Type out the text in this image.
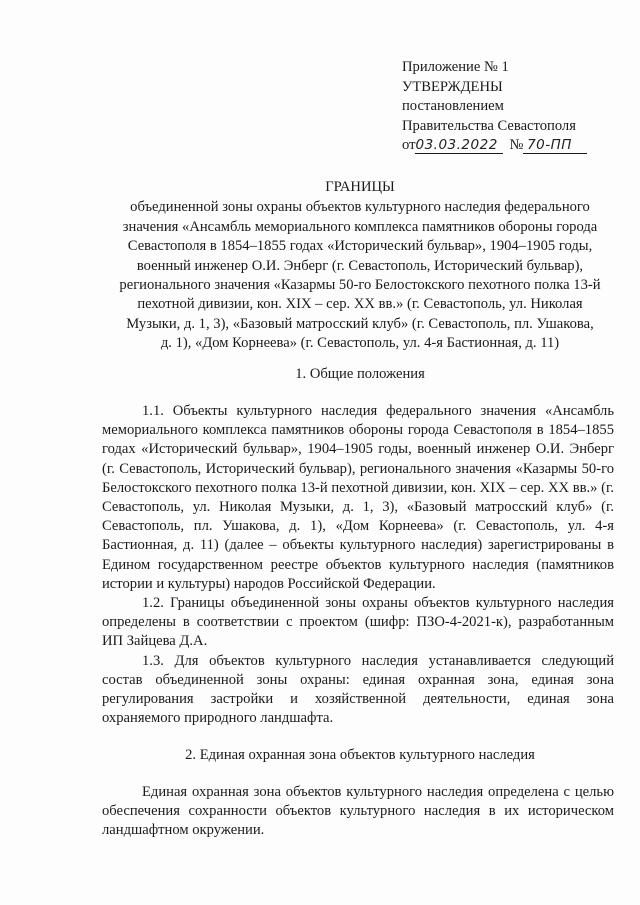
Приложение № 1
УТВЕРЖДЕНЫ
постановлением
Правительства Севастополя
от03.03.2022 № 70-ПП
ГРАНИЦЫ
объединенной зоны охраны объектов культурного наследия федерального
значения «Ансамбль мемориального комплекса памятников обороны города
Севастополя в 1854–1855 годах «Исторический бульвар», 1904–1905 годы,
военный инженер О.И. Энберг (г. Севастополь, Исторический бульвар),
регионального значения «Казармы 50-го Белостокского пехотного полка 13-й
пехотной дивизии, кон. XIX – сер. XX вв.» (г. Севастополь, ул. Николая
Музыки, д. 1, 3), «Базовый матросский клуб» (г. Севастополь, пл. Ушакова,
д. 1), «Дом Корнеева» (г. Севастополь, ул. 4-я Бастионная, д. 11)
1. Общие положения

1.1. Объекты культурного наследия федерального значения «Ансамбль мемориального комплекса памятников обороны города Севастополя в 1854–1855 годах «Исторический бульвар», 1904–1905 годы, военный инженер О.И. Энберг (г. Севастополь, Исторический бульвар), регионального значения «Казармы 50-го Белостокского пехотного полка 13-й пехотной дивизии, кон. XIX – сер. XX вв.» (г. Севастополь, ул. Николая Музыки, д. 1, 3), «Базовый матросский клуб» (г. Севастополь, пл. Ушакова, д. 1), «Дом Корнеева» (г. Севастополь, ул. 4-я Бастионная, д. 11) (далее – объекты культурного наследия) зарегистрированы в Едином государственном реестре объектов культурного наследия (памятников истории и культуры) народов Российской Федерации.

1.2. Границы объединенной зоны охраны объектов культурного наследия определены в соответствии с проектом (шифр: ПЗО-4-2021-к), разработанным ИП Зайцева Д.А.

1.3. Для объектов культурного наследия устанавливается следующий состав объединенной зоны охраны: единая охранная зона, единая зона регулирования застройки и хозяйственной деятельности, единая зона охраняемого природного ландшафта.

2. Единая охранная зона объектов культурного наследия

Единая охранная зона объектов культурного наследия определена с целью обеспечения сохранности объектов культурного наследия в их историческом ландшафтном окружении.
